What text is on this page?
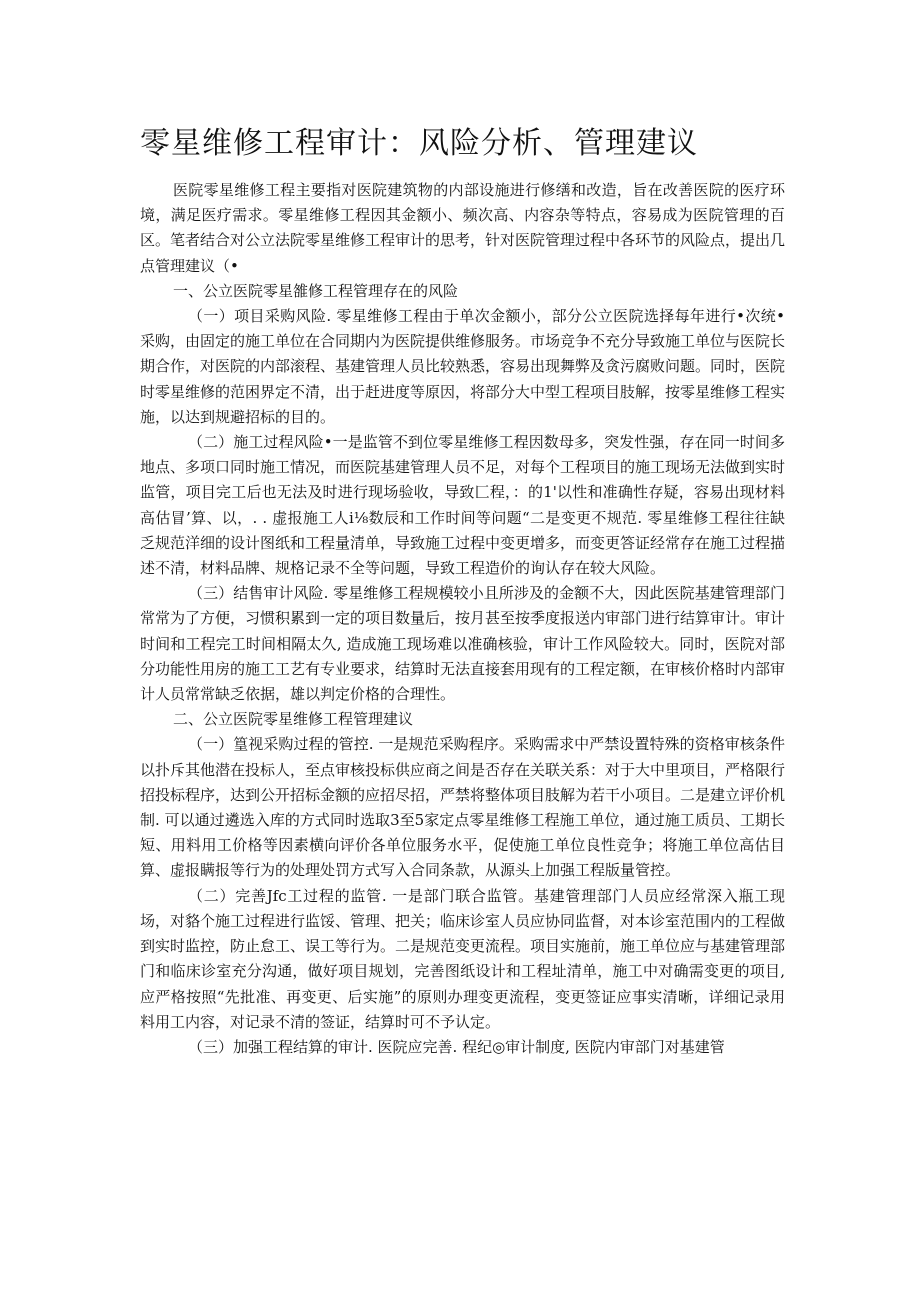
零星维修工程审计：风险分析、管理建议

医院零星维修工程主要指对医院建筑物的内部设施进行修缮和改造，旨在改善医院的医疗环境，满足医疗需求。零星维修工程因其金额小、频次高、内容杂等特点，容易成为医院管理的百区。笔者结合对公立法院零星维修工程审计的思考，针对医院管理过程中各环节的风险点，提出几点管理建议（•

一、公立医院零星雒修工程管理存在的风险

（一）项目采购风险. 零星维修工程由于单次金额小，部分公立医院选择每年进行•次统•采购，由固定的施工单位在合同期内为医院提供维修服务。市场竞争不充分导致施工单位与医院长期合作，对医院的内部滚程、基建管理人员比较熟悉，容易出现舞弊及贪污腐败问题。同时，医院时零星维修的范困界定不清，出于赶进度等原因，将部分大中型工程项目肢解，按零星维修工程实施，以达到规避招标的目的。

（二）施工过程风险•一是监管不到位零星维修工程因数母多，突发性强，存在同一时间多地点、多项口同时施工情况，而医院基建管理人员不足，对每个工程项目的施工现场无法做到实时监管，项目完工后也无法及时进行现场验收，导致匚程，：的1'以性和准确性存疑，容易出现材料高估冒’算、以，. . 虚报施工人i⅛数辰和工作时间等问题“二是变更不规范. 零星维修工程往往缺乏规范洋细的设计图纸和工程量清单，导致施工过程中变更增多，而变更答证经常存在施工过程描述不清，材料品牌、规格记录不全等问题，导致工程造价的询认存在较大风险。

（三）结售审计风险. 零星维修工程规模较小且所涉及的金额不大，因此医院基建管理部门常常为了方便，习惯积累到一定的项目数量后，按月甚至按季度报送内审部门进行结算审计。审计时间和工程完工时间相隔太久, 造成施工现场难以准确核验，审计工作风险较大。同时，医院对部分功能性用房的施工工艺有专业要求，结算时无法直接套用现有的工程定额，在审核价格时内部审计人员常常缺乏依据，雄以判定价格的合理性。

二、公立医院零星维修工程管理建议

（一）篁视采购过程的管控. 一是规范采购程序。采购需求中严禁设置特殊的资格审核条件以扑斥其他潜在投标人，至点审核投标供应商之间是否存在关联关系：对于大中里项目，严格限行招投标程序，达到公开招标金额的应招尽招，严禁将整体项目肢解为若干小项目。二是建立评价机制. 可以通过遴选入库的方式同时选取3至5家定点零星维修工程施工单位，通过施工质员、工期长短、用料用工价格等因素横向评价各单位服务水平，促使施工单位良性竞争；将施工单位高估目算、虚报瞒报等行为的处理处罚方式写入合同条款，从源头上加强工程版量管控。

（二）完善Jfc工过程的监管. 一是部门联合监管。基建管理部门人员应经常深入瓶工现场，对貉个施工过程进行监馁、管理、把关；临床诊室人员应协同监督，对本诊室范围内的工程做到实时监控，防止怠工、误工等行为。二是规范变更流程。项目实施前，施工单位应与基建管理部门和临床诊室充分沟通，做好项目规划，完善图纸设计和工程址清单，施工中对确需变更的项目, 应严格按照“先批准、再变更、后实施”的原则办理变更流程，变更签证应事实清晰，详细记录用料用工内容，对记录不清的签证，结算时可不予认定。

（三）加强工程结算的审计. 医院应完善. 程纪◎审计制度, 医院内审部门对基建管
